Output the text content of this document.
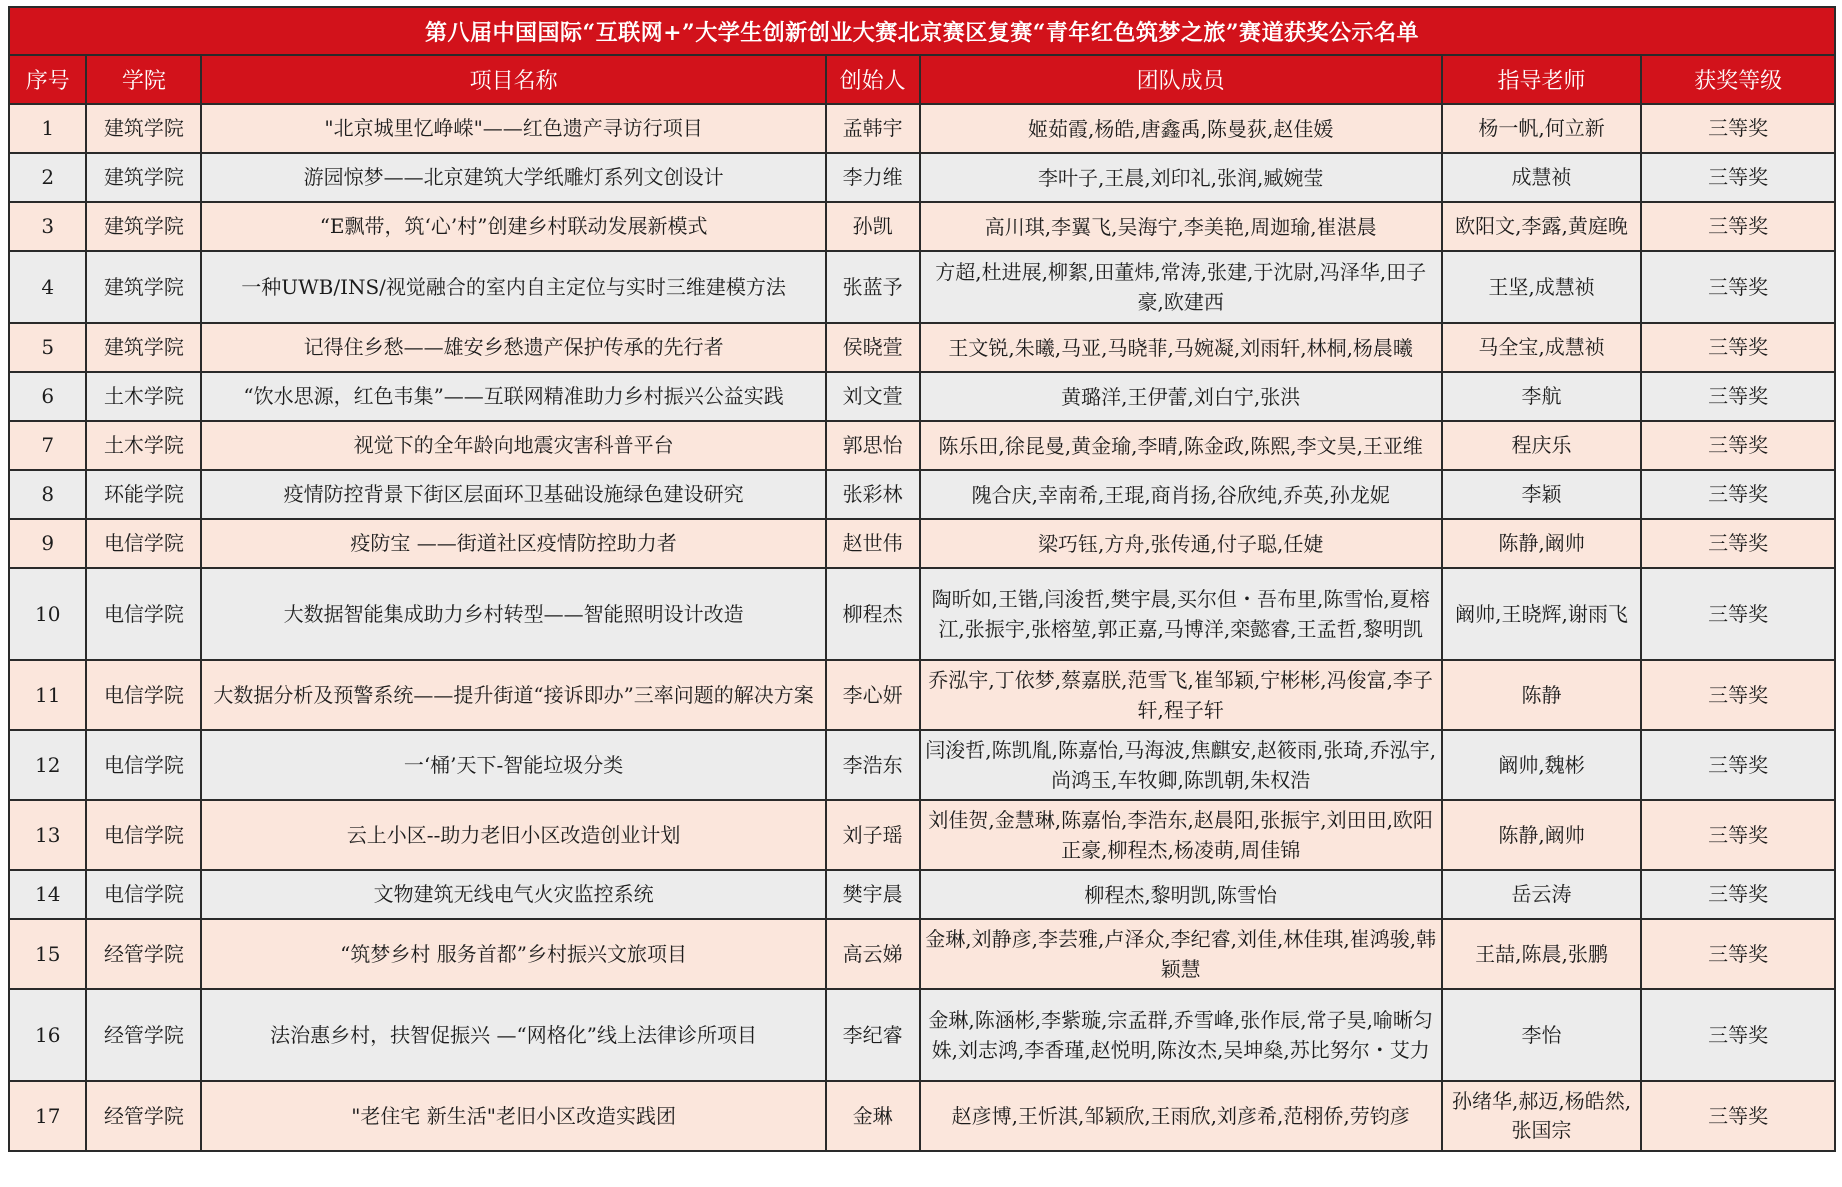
第八届中国国际“互联网+”大学生创新创业大赛北京赛区复赛“青年红色筑梦之旅”赛道获奖公示名单						
序号	学院	项目名称	创始人	团队成员	指导老师	获奖等级
1	建筑学院	"北京城里忆峥嵘"——红色遗产寻访行项目	孟韩宇	姬茹霞,杨皓,唐鑫禹,陈曼荻,赵佳媛	杨一帆,何立新	三等奖
2	建筑学院	游园惊梦——北京建筑大学纸雕灯系列文创设计	李力维	李叶子,王晨,刘印礼,张润,臧婉莹	成慧祯	三等奖
3	建筑学院	“E飘带，筑‘心’村”创建乡村联动发展新模式	孙凯	高川琪,李翼飞,吴海宁,李美艳,周迦瑜,崔湛晨	欧阳文,李露,黄庭晚	三等奖
4	建筑学院	一种UWB/INS/视觉融合的室内自主定位与实时三维建模方法	张蓝予	方超,杜进展,柳絮,田董炜,常涛,张建,于沈尉,冯泽华,田子豪,欧建西	王坚,成慧祯	三等奖
5	建筑学院	记得住乡愁——雄安乡愁遗产保护传承的先行者	侯晓萱	王文锐,朱曦,马亚,马晓菲,马婉凝,刘雨轩,林桐,杨晨曦	马全宝,成慧祯	三等奖
6	土木学院	“饮水思源，红色韦集”——互联网精准助力乡村振兴公益实践	刘文萱	黄璐洋,王伊蕾,刘白宁,张洪	李航	三等奖
7	土木学院	视觉下的全年龄向地震灾害科普平台	郭思怡	陈乐田,徐昆曼,黄金瑜,李晴,陈金政,陈熙,李文昊,王亚维	程庆乐	三等奖
8	环能学院	疫情防控背景下街区层面环卫基础设施绿色建设研究	张彩林	隗合庆,幸南希,王琨,商肖扬,谷欣纯,乔英,孙龙妮	李颖	三等奖
9	电信学院	疫防宝 ——街道社区疫情防控助力者	赵世伟	梁巧钰,方舟,张传通,付子聪,任婕	陈静,阚帅	三等奖
10	电信学院	大数据智能集成助力乡村转型——智能照明设计改造	柳程杰	陶昕如,王锴,闫浚哲,樊宇晨,买尔但・吾布里,陈雪怡,夏榕江,张振宇,张榕堃,郭正嘉,马博洋,栾懿睿,王孟哲,黎明凯	阚帅,王晓辉,谢雨飞	三等奖
11	电信学院	大数据分析及预警系统——提升街道“接诉即办”三率问题的解决方案	李心妍	乔泓宇,丁依梦,蔡嘉朕,范雪飞,崔邹颖,宁彬彬,冯俊富,李子轩,程子轩	陈静	三等奖
12	电信学院	一‘桶’天下-智能垃圾分类	李浩东	闫浚哲,陈凯胤,陈嘉怡,马海波,焦麒安,赵筱雨,张琦,乔泓宇,尚鸿玉,车牧卿,陈凯朝,朱权浩	阚帅,魏彬	三等奖
13	电信学院	云上小区--助力老旧小区改造创业计划	刘子瑶	刘佳贺,金慧琳,陈嘉怡,李浩东,赵晨阳,张振宇,刘田田,欧阳正豪,柳程杰,杨凌萌,周佳锦	陈静,阚帅	三等奖
14	电信学院	文物建筑无线电气火灾监控系统	樊宇晨	柳程杰,黎明凯,陈雪怡	岳云涛	三等奖
15	经管学院	“筑梦乡村 服务首都”乡村振兴文旅项目	高云娣	金琳,刘静彦,李芸雅,卢泽众,李纪睿,刘佳,林佳琪,崔鸿骏,韩颖慧	王喆,陈晨,张鹏	三等奖
16	经管学院	法治惠乡村，扶智促振兴 —“网格化”线上法律诊所项目	李纪睿	金琳,陈涵彬,李紫璇,宗孟群,乔雪峰,张作辰,常子昊,喻晰匀姝,刘志鸿,李香瑾,赵悦明,陈汝杰,吴坤燊,苏比努尔・艾力	李怡	三等奖
17	经管学院	"老住宅 新生活"老旧小区改造实践团	金琳	赵彦博,王忻淇,邹颖欣,王雨欣,刘彦希,范栩侨,劳钧彦	孙绪华,郝迈,杨皓然,张国宗	三等奖
